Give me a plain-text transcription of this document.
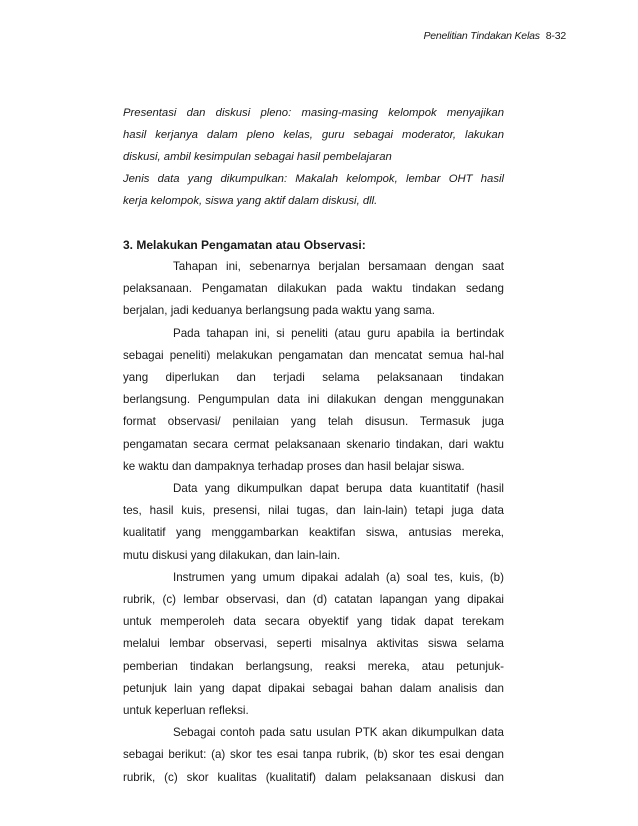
Penelitian Tindakan Kelas 8-32

Presentasi dan diskusi pleno: masing-masing kelompok menyajikan
hasil kerjanya dalam pleno kelas, guru sebagai moderator, lakukan
diskusi, ambil kesimpulan sebagai hasil pembelajaran

Jenis data yang dikumpulkan: Makalah kelompok, lembar OHT hasil
kerja kelompok, siswa yang aktif dalam diskusi, dll.

3. Melakukan Pengamatan atau Observasi:

Tahapan ini, sebenarnya berjalan bersamaan dengan saat
pelaksanaan. Pengamatan dilakukan pada waktu tindakan sedang
berjalan, jadi keduanya berlangsung pada waktu yang sama.

Pada tahapan ini, si peneliti (atau guru apabila ia bertindak
sebagai peneliti) melakukan pengamatan dan mencatat semua hal-hal
yang diperlukan dan terjadi selama pelaksanaan tindakan
berlangsung. Pengumpulan data ini dilakukan dengan menggunakan
format observasi/ penilaian yang telah disusun. Termasuk juga
pengamatan secara cermat pelaksanaan skenario tindakan, dari waktu
ke waktu dan dampaknya terhadap proses dan hasil belajar siswa.

Data yang dikumpulkan dapat berupa data kuantitatif (hasil
tes, hasil kuis, presensi, nilai tugas, dan lain-lain) tetapi juga data
kualitatif yang menggambarkan keaktifan siswa, antusias mereka,
mutu diskusi yang dilakukan, dan lain-lain.

Instrumen yang umum dipakai adalah (a) soal tes, kuis, (b)
rubrik, (c) lembar observasi, dan (d) catatan lapangan yang dipakai
untuk memperoleh data secara obyektif yang tidak dapat terekam
melalui lembar observasi, seperti misalnya aktivitas siswa selama
pemberian tindakan berlangsung, reaksi mereka, atau petunjuk-
petunjuk lain yang dapat dipakai sebagai bahan dalam analisis dan
untuk keperluan refleksi.

Sebagai contoh pada satu usulan PTK akan dikumpulkan data
sebagai berikut: (a) skor tes esai tanpa rubrik, (b) skor tes esai dengan
rubrik, (c) skor kualitas (kualitatif) dalam pelaksanaan diskusi dan
